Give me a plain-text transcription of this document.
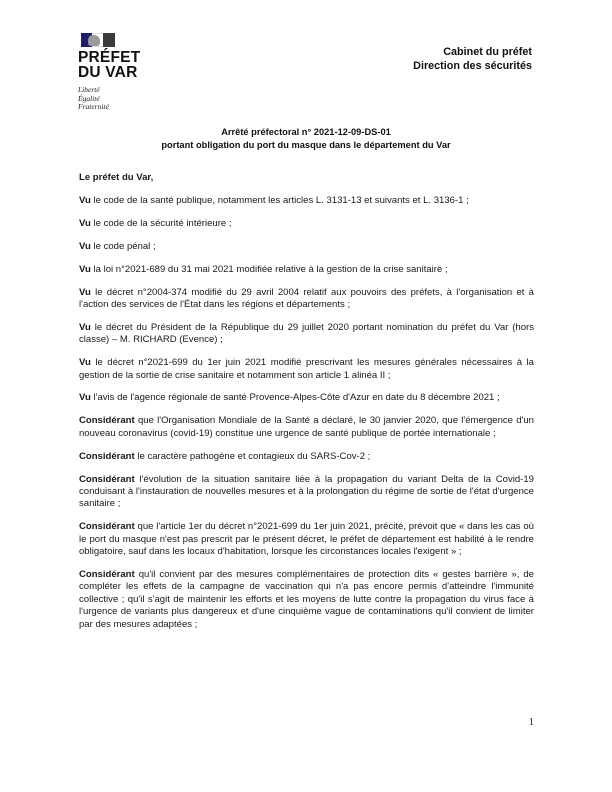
PRÉFET
DU VAR
Liberté
Égalité
Fraternité
Cabinet du préfet
Direction des sécurités
Arrêté préfectoral n° 2021-12-09-DS-01
portant obligation du port du masque dans le département du Var

Le préfet du Var,

Vu le code de la santé publique, notamment les articles L. 3131-13 et suivants et L. 3136-1 ;

Vu le code de la sécurité intérieure ;

Vu le code pénal ;

Vu la loi n°2021-689 du 31 mai 2021 modifiée relative à la gestion de la crise sanitaire ;

Vu le décret n°2004-374 modifié du 29 avril 2004 relatif aux pouvoirs des préfets, à l'organisation et à l'action des services de l'État dans les régions et départements ;

Vu le décret du Président de la République du 29 juillet 2020 portant nomination du préfet du Var (hors classe) – M. RICHARD (Evence) ;

Vu le décret n°2021-699 du 1er juin 2021 modifié prescrivant les mesures générales nécessaires à la gestion de la sortie de crise sanitaire et notamment son article 1 alinéa II ;

Vu l'avis de l'agence régionale de santé Provence-Alpes-Côte d'Azur en date du 8 décembre 2021 ;

Considérant que l'Organisation Mondiale de la Santé a déclaré, le 30 janvier 2020, que l'émergence d'un nouveau coronavirus (covid-19) constitue une urgence de santé publique de portée internationale ;

Considérant le caractère pathogène et contagieux du SARS-Cov-2 ;

Considérant l'évolution de la situation sanitaire liée à la propagation du variant Delta de la Covid-19 conduisant à l'instauration de nouvelles mesures et à la prolongation du régime de sortie de l'état d'urgence sanitaire ;

Considérant que l'article 1er du décret n°2021-699 du 1er juin 2021, précité, prévoit que « dans les cas où le port du masque n'est pas prescrit par le présent décret, le préfet de département est habilité à le rendre obligatoire, sauf dans les locaux d'habitation, lorsque les circonstances locales l'exigent » ;

Considérant qu'il convient par des mesures complémentaires de protection dits « gestes barrière », de compléter les effets de la campagne de vaccination qui n'a pas encore permis d'atteindre l'immunité collective ; qu'il s'agit de maintenir les efforts et les moyens de lutte contre la propagation du virus face à l'urgence de variants plus dangereux et d'une cinquième vague de contaminations qu'il convient de limiter par des mesures adaptées ;

1
